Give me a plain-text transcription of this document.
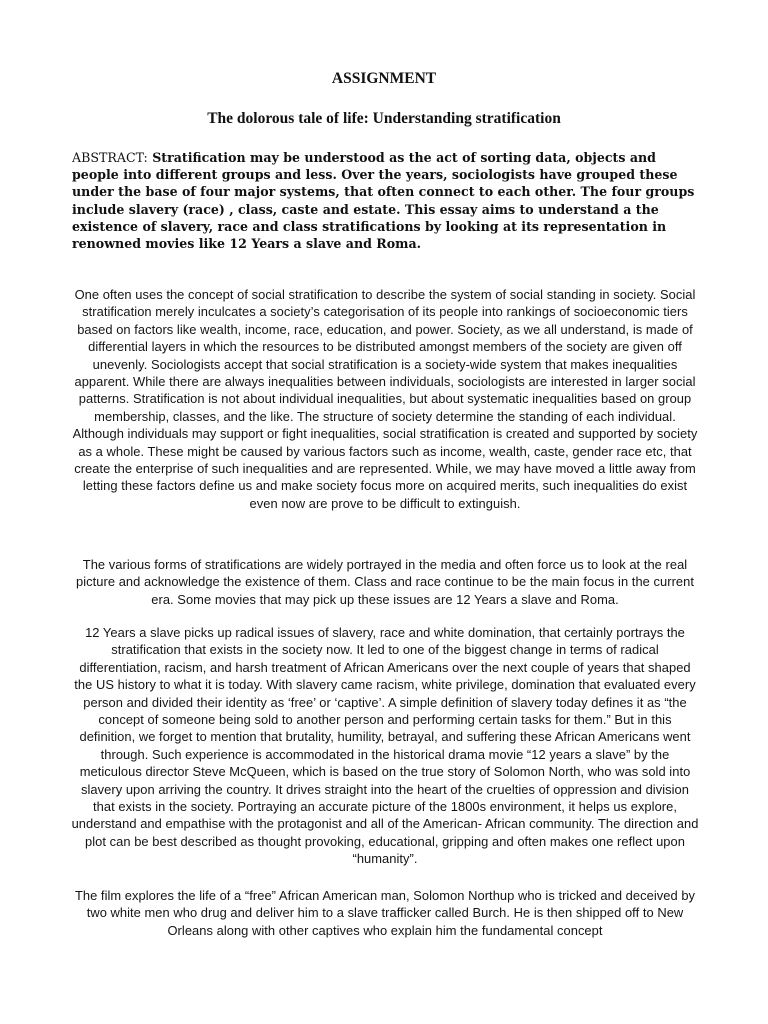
ASSIGNMENT
The dolorous tale of life: Understanding stratification

ABSTRACT: Stratification may be understood as the act of sorting data, objects and people into different groups and less. Over the years, sociologists have grouped these under the base of four major systems, that often connect to each other. The four groups include slavery (race) , class, caste and estate. This essay aims to understand a the existence of slavery, race and class stratifications by looking at its representation in renowned movies like 12 Years a slave and Roma.

One often uses the concept of social stratification to describe the system of social standing in society. Social stratification merely inculcates a society’s categorisation of its people into rankings of socioeconomic tiers based on factors like wealth, income, race, education, and power. Society, as we all understand, is made of differential layers in which the resources to be distributed amongst members of the society are given off unevenly. Sociologists accept that social stratification is a society-wide system that makes inequalities apparent. While there are always inequalities between individuals, sociologists are interested in larger social patterns. Stratification is not about individual inequalities, but about systematic inequalities based on group membership, classes, and the like. The structure of society determine the standing of each individual. Although individuals may support or fight inequalities, social stratification is created and supported by society as a whole. These might be caused by various factors such as income, wealth, caste, gender race etc, that create the enterprise of such inequalities and are represented. While, we may have moved a little away from letting these factors define us and make society focus more on acquired merits, such inequalities do exist even now are prove to be difficult to extinguish.

The various forms of stratifications are widely portrayed in the media and often force us to look at the real picture and acknowledge the existence of them. Class and race continue to be the main focus in the current era. Some movies that may pick up these issues are 12 Years a slave and Roma.

12 Years a slave picks up radical issues of slavery, race and white domination, that certainly portrays the stratification that exists in the society now. It led to one of the biggest change in terms of radical differentiation, racism, and harsh treatment of African Americans over the next couple of years that shaped the US history to what it is today. With slavery came racism, white privilege, domination that evaluated every person and divided their identity as ‘free’ or ‘captive’. A simple definition of slavery today defines it as “the concept of someone being sold to another person and performing certain tasks for them.” But in this definition, we forget to mention that brutality, humility, betrayal, and suffering these African Americans went through. Such experience is accommodated in the historical drama movie “12 years a slave” by the meticulous director Steve McQueen, which is based on the true story of Solomon North, who was sold into slavery upon arriving the country. It drives straight into the heart of the cruelties of oppression and division that exists in the society. Portraying an accurate picture of the 1800s environment, it helps us explore, understand and empathise with the protagonist and all of the American- African community. The direction and plot can be best described as thought provoking, educational, gripping and often makes one reflect upon “humanity”.

The film explores the life of a “free” African American man, Solomon Northup who is tricked and deceived by two white men who drug and deliver him to a slave trafficker called Burch. He is then shipped off to New Orleans along with other captives who explain him the fundamental concept
